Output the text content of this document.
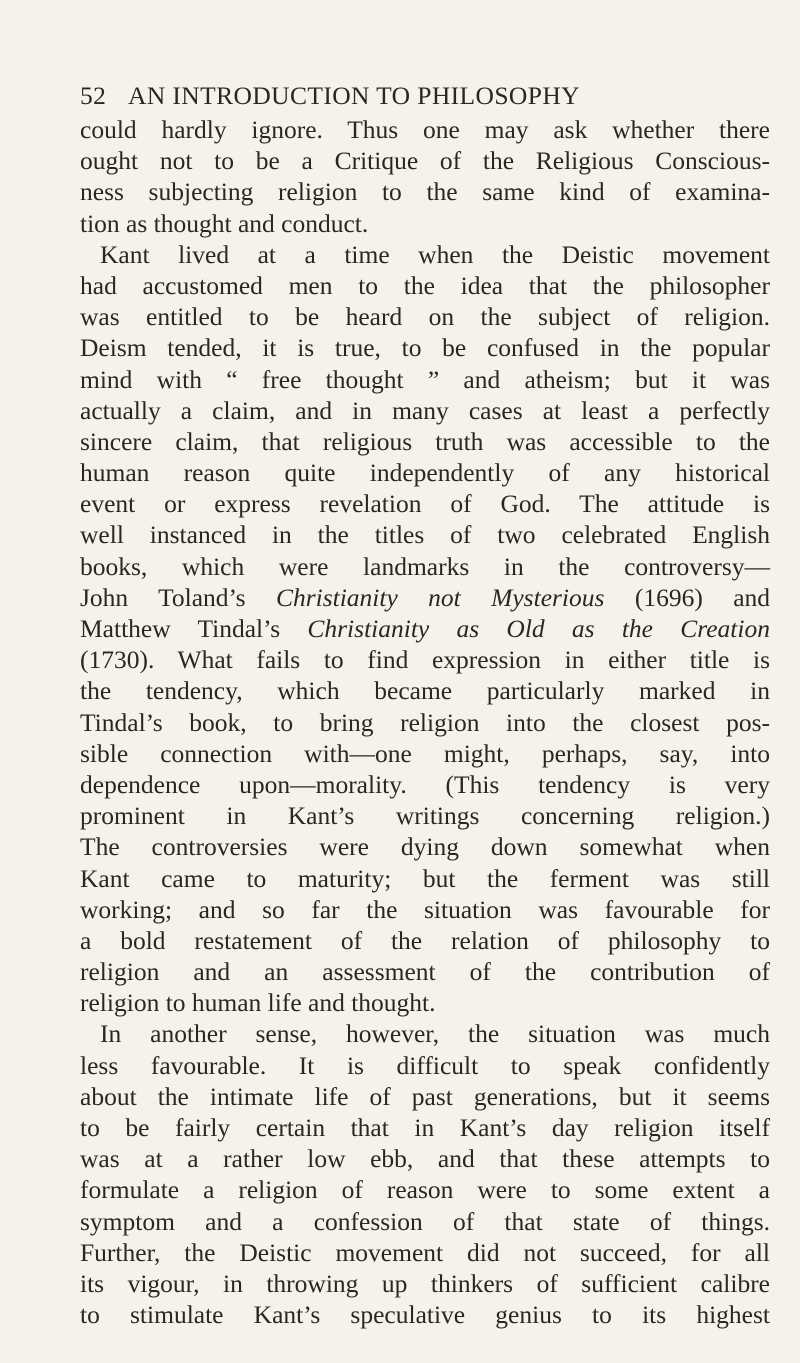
52 AN INTRODUCTION TO PHILOSOPHY
could hardly ignore. Thus one may ask whether there
ought not to be a Critique of the Religious Conscious-
ness subjecting religion to the same kind of examina-
tion as thought and conduct.
Kant lived at a time when the Deistic movement
had accustomed men to the idea that the philosopher
was entitled to be heard on the subject of religion.
Deism tended, it is true, to be confused in the popular
mind with “ free thought ” and atheism; but it was
actually a claim, and in many cases at least a perfectly
sincere claim, that religious truth was accessible to the
human reason quite independently of any historical
event or express revelation of God. The attitude is
well instanced in the titles of two celebrated English
books, which were landmarks in the controversy—
John Toland’s Christianity not Mysterious (1696) and
Matthew Tindal’s Christianity as Old as the Creation
(1730). What fails to find expression in either title is
the tendency, which became particularly marked in
Tindal’s book, to bring religion into the closest pos-
sible connection with—one might, perhaps, say, into
dependence upon—morality. (This tendency is very
prominent in Kant’s writings concerning religion.)
The controversies were dying down somewhat when
Kant came to maturity; but the ferment was still
working; and so far the situation was favourable for
a bold restatement of the relation of philosophy to
religion and an assessment of the contribution of
religion to human life and thought.
In another sense, however, the situation was much
less favourable. It is difficult to speak confidently
about the intimate life of past generations, but it seems
to be fairly certain that in Kant’s day religion itself
was at a rather low ebb, and that these attempts to
formulate a religion of reason were to some extent a
symptom and a confession of that state of things.
Further, the Deistic movement did not succeed, for all
its vigour, in throwing up thinkers of sufficient calibre
to stimulate Kant’s speculative genius to its highest
